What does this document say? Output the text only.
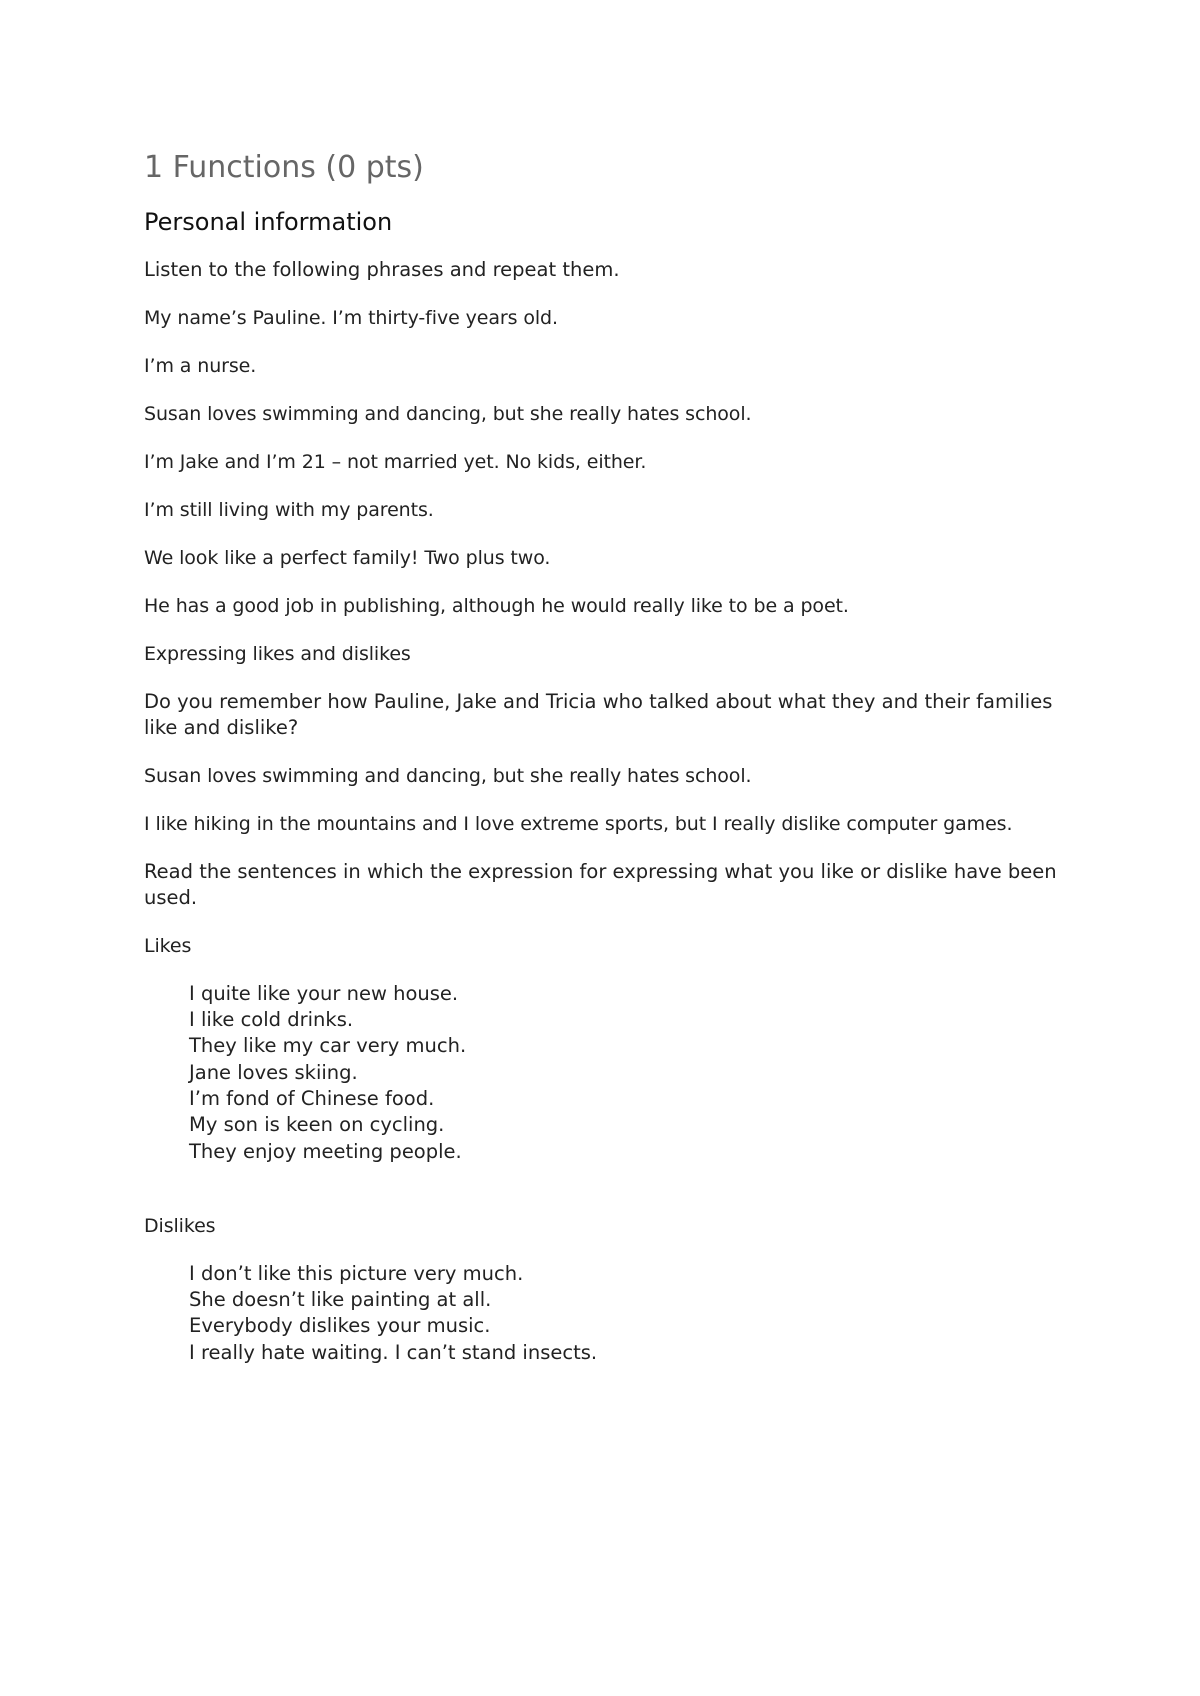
1 Functions (0 pts)
Personal information

Listen to the following phrases and repeat them.

My name’s Pauline. I’m thirty-five years old.

I’m a nurse.

Susan loves swimming and dancing, but she really hates school.

I’m Jake and I’m 21 – not married yet. No kids, either.

I’m still living with my parents.

We look like a perfect family! Two plus two.

He has a good job in publishing, although he would really like to be a poet.

Expressing likes and dislikes

Do you remember how Pauline, Jake and Tricia who talked about what they and their families like and dislike?

Susan loves swimming and dancing, but she really hates school.

I like hiking in the mountains and I love extreme sports, but I really dislike computer games.

Read the sentences in which the expression for expressing what you like or dislike have been used.

Likes

I quite like your new house.
I like cold drinks.
They like my car very much.
Jane loves skiing.
I’m fond of Chinese food.
My son is keen on cycling.
They enjoy meeting people.

Dislikes

I don’t like this picture very much.
She doesn’t like painting at all.
Everybody dislikes your music.
I really hate waiting. I can’t stand insects.
